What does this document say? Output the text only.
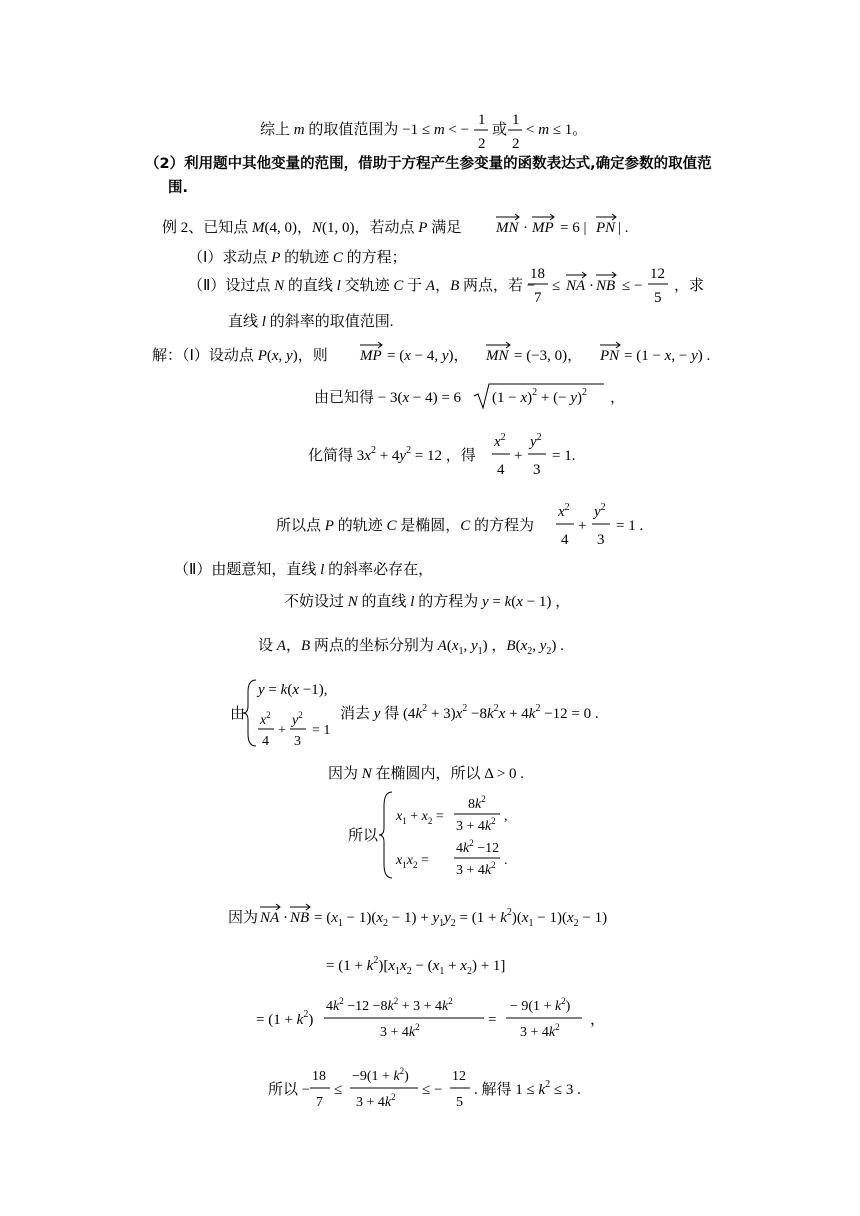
综上 m 的取值范围为 −1 ≤ m < −
1
2
或
1
2
< m ≤ 1。
（2）利用题中其他变量的范围，借助于方程产生参变量的函数表达式,确定参数的取值范
围.
例 2、已知点 M(4, 0)，N(1, 0)，若动点 P 满足 MN · MP = 6 | PN | .
（Ⅰ）求动点 P 的轨迹 C 的方程；
（Ⅱ）设过点 N 的直线 l 交轨迹 C 于 A，B 两点，若 −
18
7
≤ NA · NB ≤ −
12
5
，求
直线 l 的斜率的取值范围.
解：（Ⅰ）设动点 P(x, y)，则 MP = (x − 4, y)， MN = (−3, 0)， PN = (1 − x, − y) .
由已知得 − 3(x − 4) = 6 $(1 - x)^2$ + (− y)$^2$ ，
化简得 $3x^2 + 4y^2 = 12$ ，得
$x^2$
4
+
$y^2$
3
= 1.
所以点 P 的轨迹 C 是椭圆，C 的方程为
$x^2$
4
+
$y^2$
3
= 1 .
（Ⅱ）由题意知，直线 l 的斜率必存在，
不妨设过 N 的直线 l 的方程为 y = k(x − 1) ，
设 A，B 两点的坐标分别为 $A(x_1$, $y_1$) ，$B(x_2$, $y_2$) .
由
y = k(x −1),
$x^2$
4
+
$y^2$
3
= 1
消去 y 得 $(4k^2 + 3)x^2 -8k^2x + 4k^2 -12 = 0$ .
因为 N 在椭圆内，所以 Δ > 0 .
所以
$x_1 + x_2$ =
$8k^2$
$3 + 4k^2$ ,
$x_1x_2$ =
$4k^2 -12$
$3 + 4k^2$ .
因为 NA · NB = $(x_1 - 1)(x_2 - 1) + y_1y_2 = (1 + k^2)(x_1 - 1)(x_2 - 1)$
= $(1 + k^2)[x_1x_2 - (x_1 + x_2) + 1]$
= $(1 + k^2)$
$4k^2 -12 -8k^2 + 3 + 4k^2$
$3 + 4k^2$	=
− $9(1 + k^2)$
$3 + 4k^2$ ，
所以 −
18
7
≤
$-9(1 + k^2)$
$3 + 4k^2$ ≤ −
12
5
. 解得 $1 \le k^2 \le 3$ .
